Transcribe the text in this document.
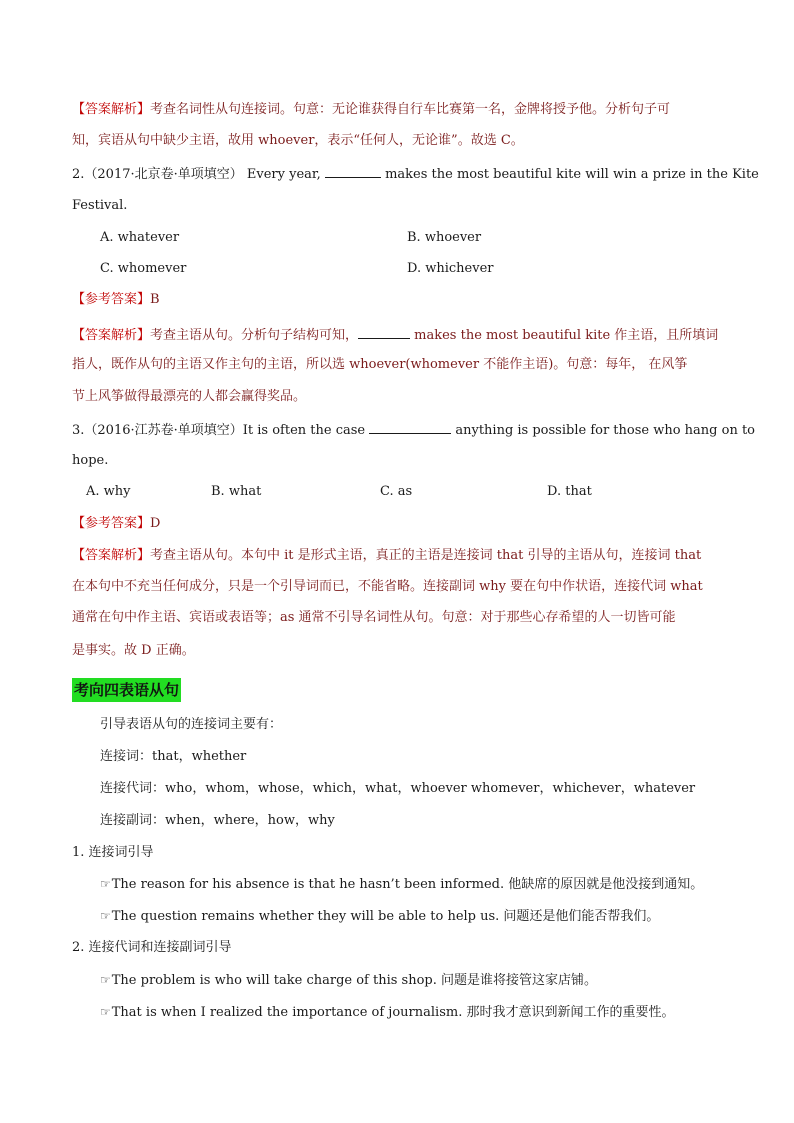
【答案解析】考查名词性从句连接词。句意：无论谁获得自行车比赛第一名，金牌将授予他。分析句子可
知，宾语从句中缺少主语，故用 whoever，表示“任何人，无论谁”。故选 C。
2.（2017·北京卷·单项填空） Every year,	makes the most beautiful kite will win a prize in the Kite
Festival.
A. whatever	B. whoever
C. whomever	D. whichever
【参考答案】B
【答案解析】考查主语从句。分析句子结构可知，	makes the most beautiful kite 作主语，且所填词
指人，既作从句的主语又作主句的主语，所以选 whoever(whomever 不能作主语)。句意：每年， 在风筝
节上风筝做得最漂亮的人都会赢得奖品。
3.（2016·江苏卷·单项填空）It is often the case	anything is possible for those who hang on to
hope.
A. why	B. what	C. as	D. that
【参考答案】D
【答案解析】考查主语从句。本句中 it 是形式主语，真正的主语是连接词 that 引导的主语从句，连接词 that
在本句中不充当任何成分，只是一个引导词而已，不能省略。连接副词 why 要在句中作状语，连接代词 what
通常在句中作主语、宾语或表语等；as 通常不引导名词性从句。句意：对于那些心存希望的人一切皆可能
是事实。故 D 正确。
考向四表语从句
引导表语从句的连接词主要有：
连接词：that，whether
连接代词：who，whom，whose，which，what，whoever whomever，whichever，whatever
连接副词：when，where，how，why
1. 连接词引导
☞The reason for his absence is that he hasn’t been informed. 他缺席的原因就是他没接到通知。
☞The question remains whether they will be able to help us. 问题还是他们能否帮我们。
2. 连接代词和连接副词引导
☞The problem is who will take charge of this shop. 问题是谁将接管这家店铺。
☞That is when I realized the importance of journalism. 那时我才意识到新闻工作的重要性。
